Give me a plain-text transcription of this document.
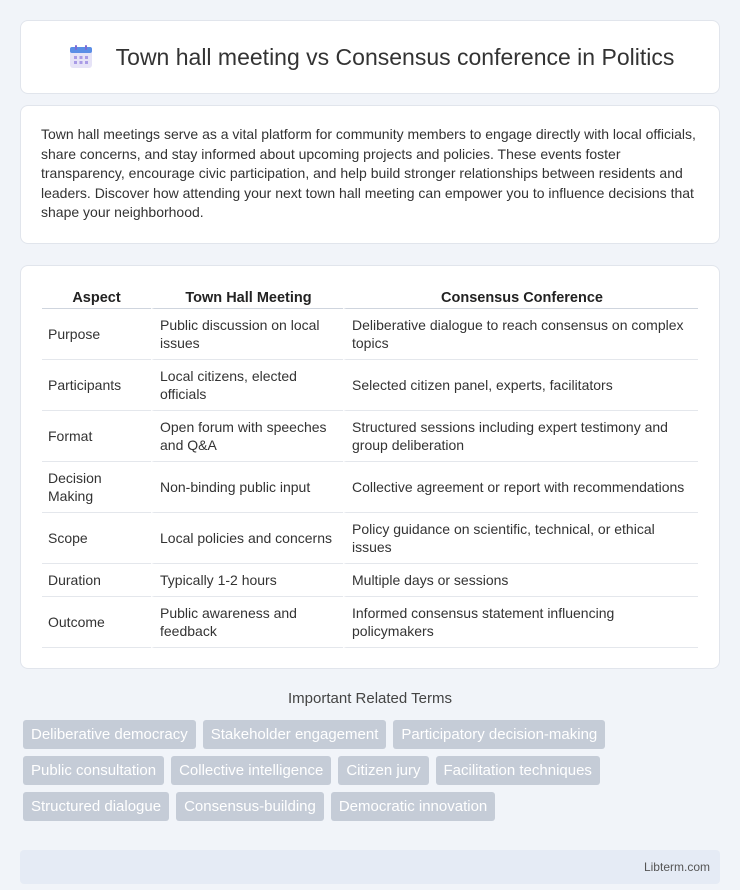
Town hall meeting vs Consensus conference in Politics

Town hall meetings serve as a vital platform for community members to engage directly with local officials, share concerns, and stay informed about upcoming projects and policies. These events foster transparency, encourage civic participation, and help build stronger relationships between residents and leaders. Discover how attending your next town hall meeting can empower you to influence decisions that shape your neighborhood.

Aspect	Town Hall Meeting	Consensus Conference
Purpose	Public discussion on local issues	Deliberative dialogue to reach consensus on complex topics
Participants	Local citizens, elected officials	Selected citizen panel, experts, facilitators
Format	Open forum with speeches and Q&A	Structured sessions including expert testimony and group deliberation
Decision Making	Non-binding public input	Collective agreement or report with recommendations
Scope	Local policies and concerns	Policy guidance on scientific, technical, or ethical issues
Duration	Typically 1-2 hours	Multiple days or sessions
Outcome	Public awareness and feedback	Informed consensus statement influencing policymakers
Important Related Terms
Deliberative democracy	Stakeholder engagement	Participatory decision-making
Public consultation	Collective intelligence	Citizen jury	Facilitation techniques
Structured dialogue	Consensus-building	Democratic innovation
Libterm.com
